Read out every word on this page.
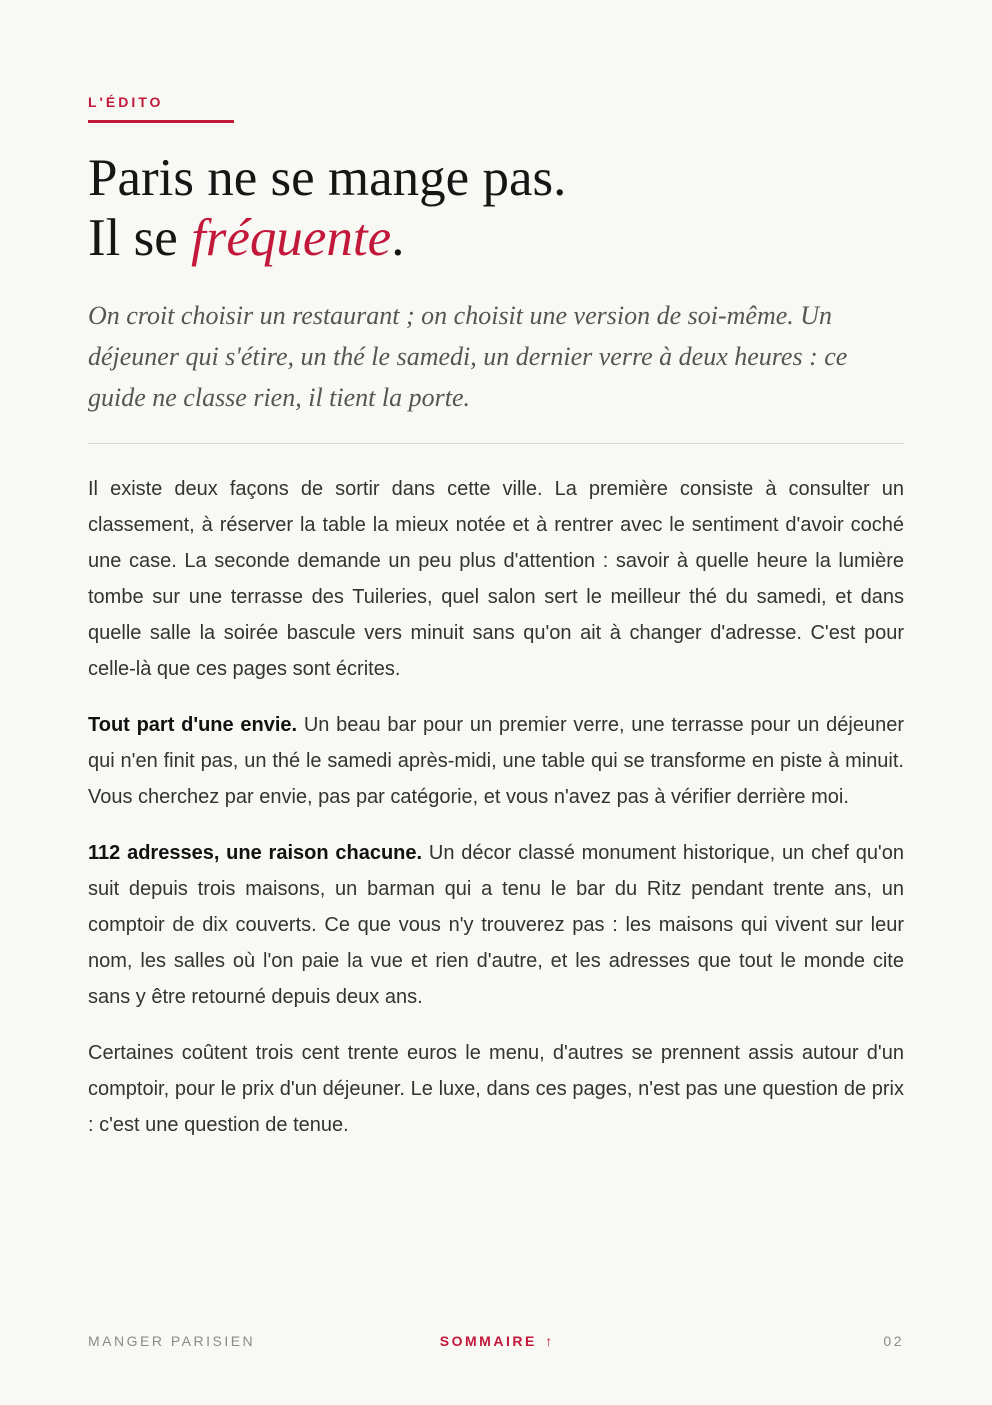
L'ÉDITO
Paris ne se mange pas.
Il se fréquente.

On croit choisir un restaurant ; on choisit une version de soi-même. Un déjeuner qui s'étire, un thé le samedi, un dernier verre à deux heures : ce guide ne classe rien, il tient la porte.

Il existe deux façons de sortir dans cette ville. La première consiste à consulter un classement, à réserver la table la mieux notée et à rentrer avec le sentiment d'avoir coché une case. La seconde demande un peu plus d'attention : savoir à quelle heure la lumière tombe sur une terrasse des Tuileries, quel salon sert le meilleur thé du samedi, et dans quelle salle la soirée bascule vers minuit sans qu'on ait à changer d'adresse. C'est pour celle-là que ces pages sont écrites.

Tout part d'une envie. Un beau bar pour un premier verre, une terrasse pour un déjeuner qui n'en finit pas, un thé le samedi après-midi, une table qui se transforme en piste à minuit. Vous cherchez par envie, pas par catégorie, et vous n'avez pas à vérifier derrière moi.

112 adresses, une raison chacune. Un décor classé monument historique, un chef qu'on suit depuis trois maisons, un barman qui a tenu le bar du Ritz pendant trente ans, un comptoir de dix couverts. Ce que vous n'y trouverez pas : les maisons qui vivent sur leur nom, les salles où l'on paie la vue et rien d'autre, et les adresses que tout le monde cite sans y être retourné depuis deux ans.

Certaines coûtent trois cent trente euros le menu, d'autres se prennent assis autour d'un comptoir, pour le prix d'un déjeuner. Le luxe, dans ces pages, n'est pas une question de prix : c'est une question de tenue.

MANGER PARISIEN	SOMMAIRE ↑	02
